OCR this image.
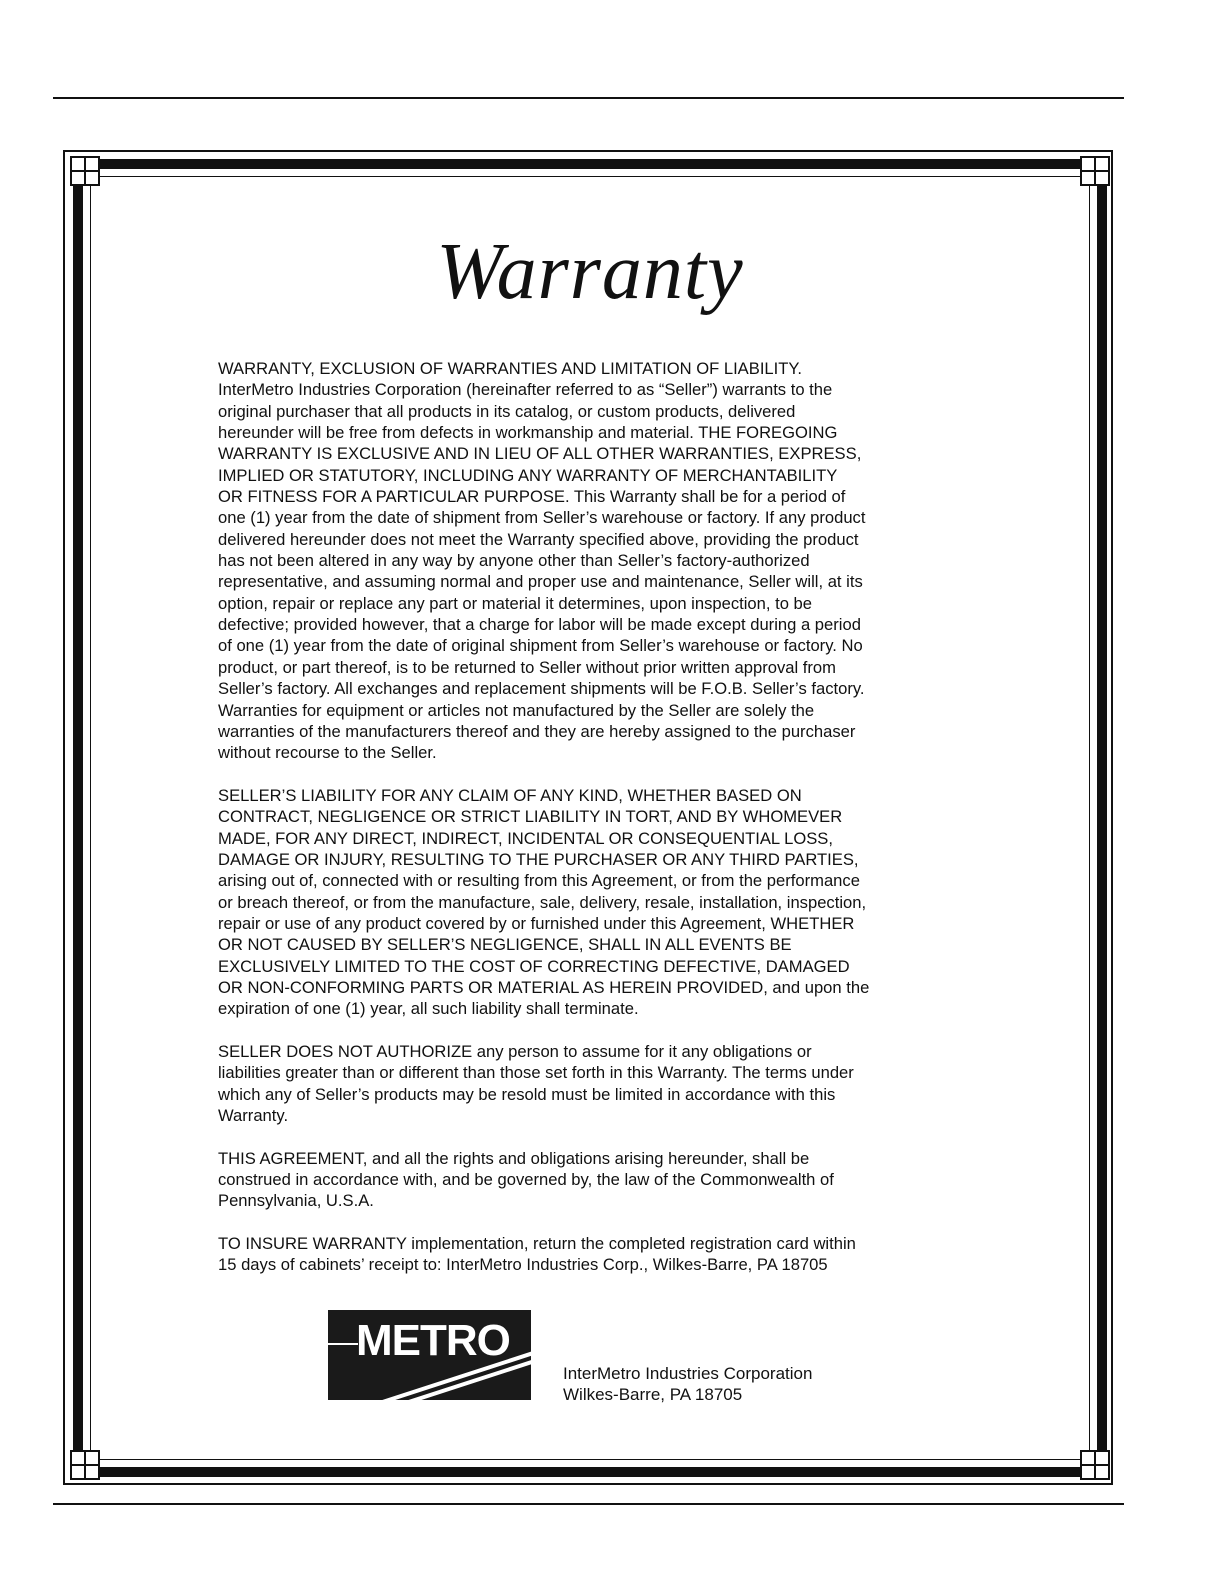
Warranty

WARRANTY, EXCLUSION OF WARRANTIES AND LIMITATION OF LIABILITY.
InterMetro Industries Corporation (hereinafter referred to as “Seller”) warrants to the
original purchaser that all products in its catalog, or custom products, delivered
hereunder will be free from defects in workmanship and material. THE FOREGOING
WARRANTY IS EXCLUSIVE AND IN LIEU OF ALL OTHER WARRANTIES, EXPRESS,
IMPLIED OR STATUTORY, INCLUDING ANY WARRANTY OF MERCHANTABILITY
OR FITNESS FOR A PARTICULAR PURPOSE. This Warranty shall be for a period of
one (1) year from the date of shipment from Seller’s warehouse or factory. If any product
delivered hereunder does not meet the Warranty specified above, providing the product
has not been altered in any way by anyone other than Seller’s factory-authorized
representative, and assuming normal and proper use and maintenance, Seller will, at its
option, repair or replace any part or material it determines, upon inspection, to be
defective; provided however, that a charge for labor will be made except during a period
of one (1) year from the date of original shipment from Seller’s warehouse or factory. No
product, or part thereof, is to be returned to Seller without prior written approval from
Seller’s factory. All exchanges and replacement shipments will be F.O.B. Seller’s factory.
Warranties for equipment or articles not manufactured by the Seller are solely the
warranties of the manufacturers thereof and they are hereby assigned to the purchaser
without recourse to the Seller.

SELLER’S LIABILITY FOR ANY CLAIM OF ANY KIND, WHETHER BASED ON
CONTRACT, NEGLIGENCE OR STRICT LIABILITY IN TORT, AND BY WHOMEVER
MADE, FOR ANY DIRECT, INDIRECT, INCIDENTAL OR CONSEQUENTIAL LOSS,
DAMAGE OR INJURY, RESULTING TO THE PURCHASER OR ANY THIRD PARTIES,
arising out of, connected with or resulting from this Agreement, or from the performance
or breach thereof, or from the manufacture, sale, delivery, resale, installation, inspection,
repair or use of any product covered by or furnished under this Agreement, WHETHER
OR NOT CAUSED BY SELLER’S NEGLIGENCE, SHALL IN ALL EVENTS BE
EXCLUSIVELY LIMITED TO THE COST OF CORRECTING DEFECTIVE, DAMAGED
OR NON-CONFORMING PARTS OR MATERIAL AS HEREIN PROVIDED, and upon the
expiration of one (1) year, all such liability shall terminate.

SELLER DOES NOT AUTHORIZE any person to assume for it any obligations or
liabilities greater than or different than those set forth in this Warranty. The terms under
which any of Seller’s products may be resold must be limited in accordance with this
Warranty.

THIS AGREEMENT, and all the rights and obligations arising hereunder, shall be
construed in accordance with, and be governed by, the law of the Commonwealth of
Pennsylvania, U.S.A.

TO INSURE WARRANTY implementation, return the completed registration card within
15 days of cabinets’ receipt to: InterMetro Industries Corp., Wilkes-Barre, PA 18705

METRO
InterMetro Industries Corporation
Wilkes-Barre, PA 18705
